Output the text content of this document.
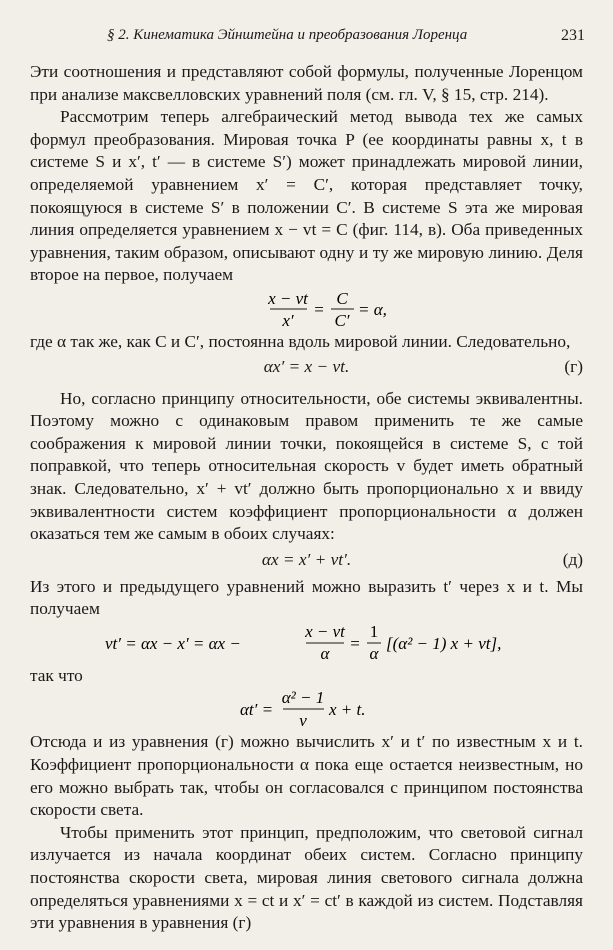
§ 2. Кинематика Эйнштейна и преобразования Лоренца	231

Эти соотношения и представляют собой формулы, полученные Лоренцом при анализе максвелловских уравнений поля (см. гл. V, § 15, стр. 214).

Рассмотрим теперь алгебраический метод вывода тех же самых формул преобразования. Мировая точка P (ее координаты равны x, t в системе S и x′, t′ — в системе S′) может принадлежать мировой линии, определяемой уравнением x′ = C′, которая представляет точку, покоящуюся в системе S′ в положении C′. В системе S эта же мировая линия определяется уравнением x − vt = C (фиг. 114, в). Оба приведенных уравнения, таким образом, описывают одну и ту же мировую линию. Деля второе на первое, получаем

x − vt
x′
=
C
C′
= α,

где α так же, как C и C′, постоянна вдоль мировой линии. Следовательно,

αx′ = x − vt.	(г)

Но, согласно принципу относительности, обе системы эквивалентны. Поэтому можно с одинаковым правом применить те же самые соображения к мировой линии точки, покоящейся в системе S, с той поправкой, что теперь относительная скорость v будет иметь обратный знак. Следовательно, x′ + vt′ должно быть пропорционально x и ввиду эквивалентности систем коэффициент пропорциональности α должен оказаться тем же самым в обоих случаях:

αx = x′ + vt′.	(д)

Из этого и предыдущего уравнений можно выразить t′ через x и t. Мы получаем

vt′ = αx − x′ = αx −
x − vt
α
=
1
α
[(α² − 1) x + vt],

так что

αt′ =
α² − 1
v
x + t.

Отсюда и из уравнения (г) можно вычислить x′ и t′ по известным x и t. Коэффициент пропорциональности α пока еще остается неизвестным, но его можно выбрать так, чтобы он согласовался с принципом постоянства скорости света.

Чтобы применить этот принцип, предположим, что световой сигнал излучается из начала координат обеих систем. Согласно принципу постоянства скорости света, мировая линия светового сигнала должна определяться уравнениями x = ct и x′ = ct′ в каждой из систем. Подставляя эти уравнения в уравнения (г)
